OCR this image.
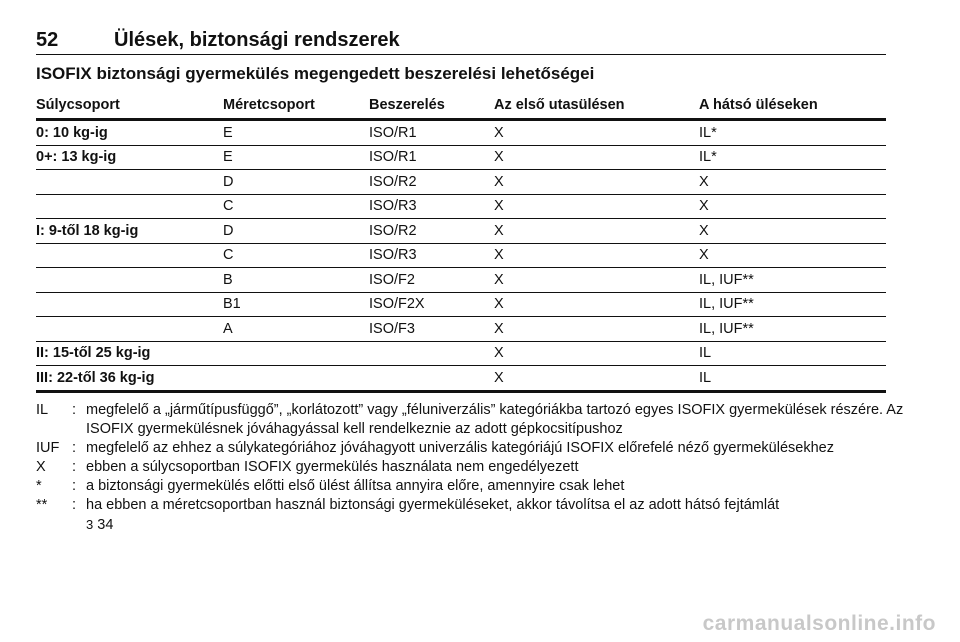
52	Ülések, biztonsági rendszerek
ISOFIX biztonsági gyermekülés megengedett beszerelési lehetőségei
Súlycsoport	Méretcsoport	Beszerelés	Az első utasülésen	A hátsó üléseken
0: 10 kg-ig	E	ISO/R1	X	IL*
0+: 13 kg-ig	E	ISO/R1	X	IL*
	D	ISO/R2	X	X
	C	ISO/R3	X	X
I: 9-től 18 kg-ig	D	ISO/R2	X	X
	C	ISO/R3	X	X
	B	ISO/F2	X	IL, IUF**
	B1	ISO/F2X	X	IL, IUF**
	A	ISO/F3	X	IL, IUF**
II: 15-től 25 kg-ig			X	IL
III: 22-től 36 kg-ig			X	IL
IL	: megfelelő a „járműtípusfüggő”, „korlátozott” vagy „féluniverzális” kategóriákba tartozó egyes ISOFIX gyermekülések részére. Az ISOFIX gyermekülésnek jóváhagyással kell rendelkeznie az adott gépkocsitípushoz
IUF : megfelelő az ehhez a súlykategóriához jóváhagyott univerzális kategóriájú ISOFIX előrefelé néző gyermekülésekhez
X	: ebben a súlycsoportban ISOFIX gyermekülés használata nem engedélyezett
*	: a biztonsági gyermekülés előtti első ülést állítsa annyira előre, amennyire csak lehet
**	: ha ebben a méretcsoportban használ biztonsági gyermeküléseket, akkor távolítsa el az adott hátsó fejtámlát
3 34
carmanualsonline.info
